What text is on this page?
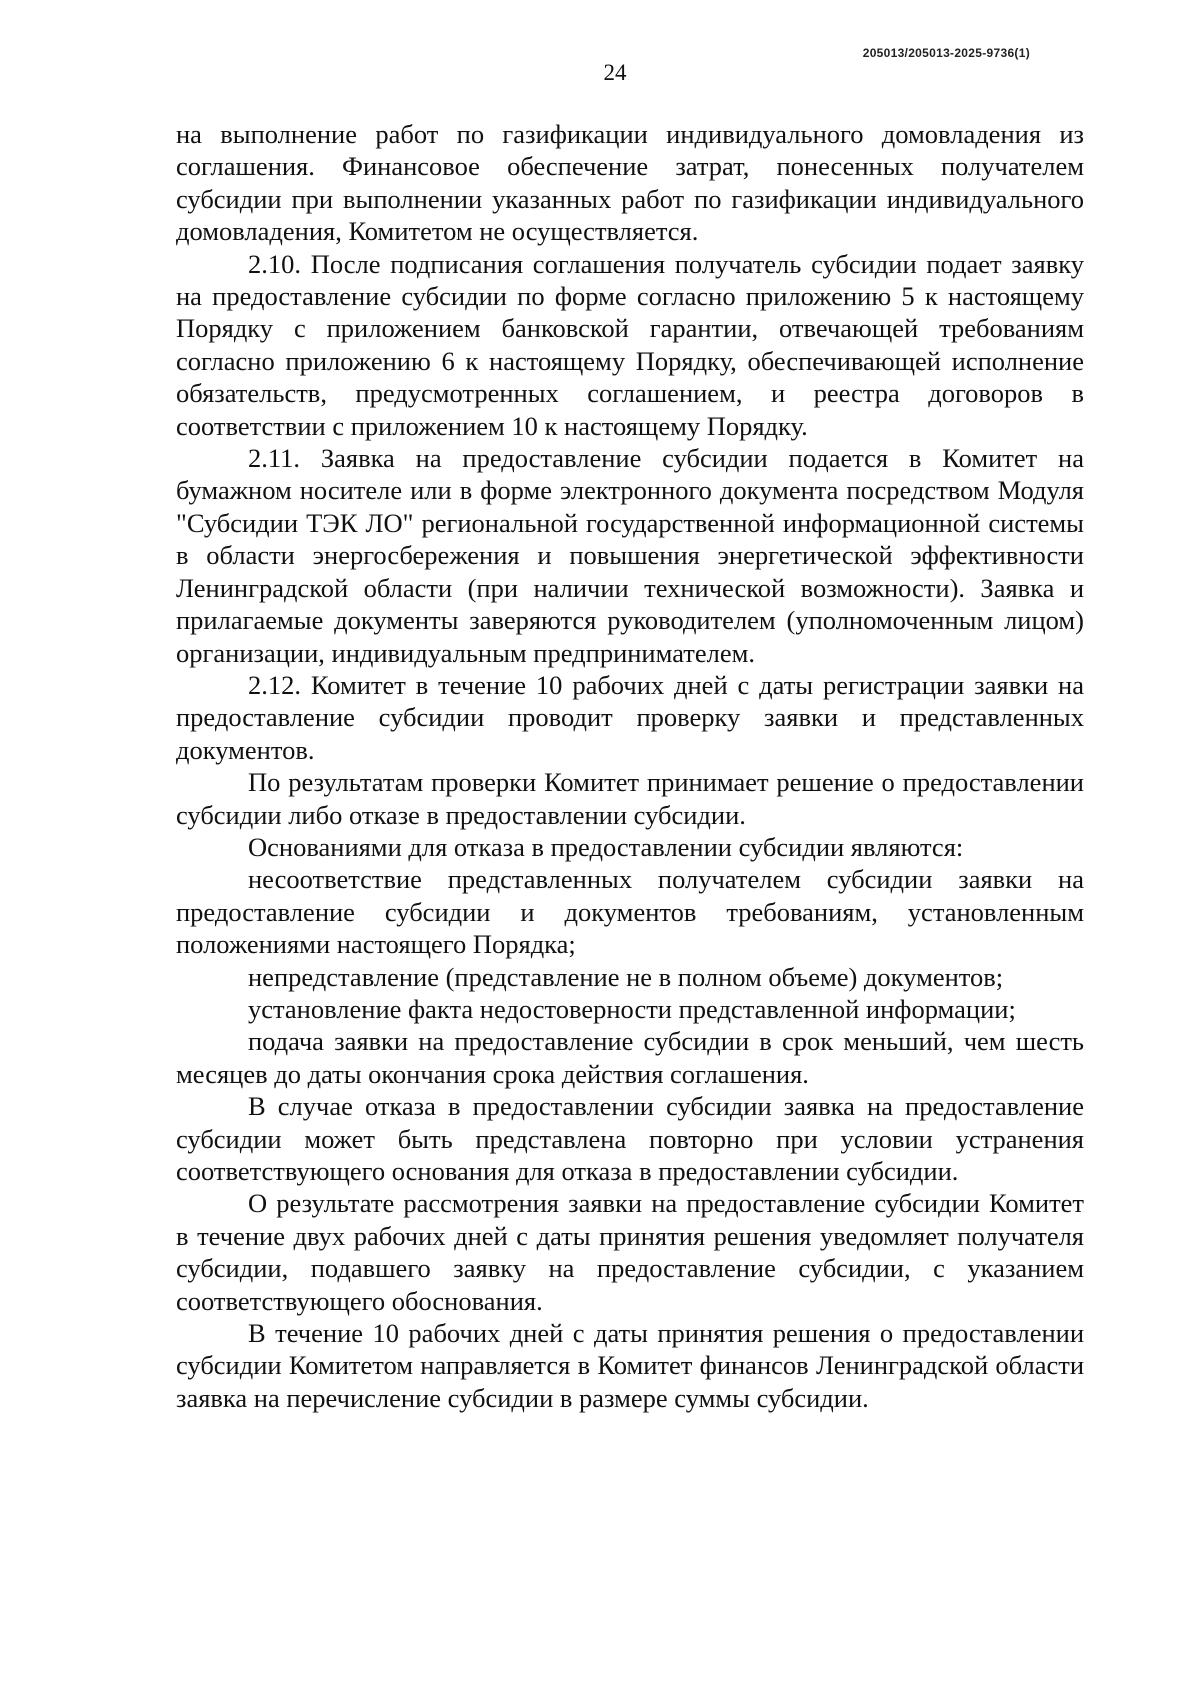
205013/205013-2025-9736(1)
24

на выполнение работ по газификации индивидуального домовладения из соглашения. Финансовое обеспечение затрат, понесенных получателем субсидии при выполнении указанных работ по газификации индивидуального домовладения, Комитетом не осуществляется.

2.10. После подписания соглашения получатель субсидии подает заявку на предоставление субсидии по форме согласно приложению 5 к настоящему Порядку с приложением банковской гарантии, отвечающей требованиям согласно приложению 6 к настоящему Порядку, обеспечивающей исполнение обязательств, предусмотренных соглашением, и реестра договоров в соответствии с приложением 10 к настоящему Порядку.

2.11. Заявка на предоставление субсидии подается в Комитет на бумажном носителе или в форме электронного документа посредством Модуля "Субсидии ТЭК ЛО" региональной государственной информационной системы в области энергосбережения и повышения энергетической эффективности Ленинградской области (при наличии технической возможности). Заявка и прилагаемые документы заверяются руководителем (уполномоченным лицом) организации, индивидуальным предпринимателем.

2.12. Комитет в течение 10 рабочих дней с даты регистрации заявки на предоставление субсидии проводит проверку заявки и представленных документов.

По результатам проверки Комитет принимает решение о предоставлении субсидии либо отказе в предоставлении субсидии.

Основаниями для отказа в предоставлении субсидии являются:

несоответствие представленных получателем субсидии заявки на предоставление субсидии и документов требованиям, установленным положениями настоящего Порядка;

непредставление (представление не в полном объеме) документов;

установление факта недостоверности представленной информации;

подача заявки на предоставление субсидии в срок меньший, чем шесть месяцев до даты окончания срока действия соглашения.

В случае отказа в предоставлении субсидии заявка на предоставление субсидии может быть представлена повторно при условии устранения соответствующего основания для отказа в предоставлении субсидии.

О результате рассмотрения заявки на предоставление субсидии Комитет в течение двух рабочих дней с даты принятия решения уведомляет получателя субсидии, подавшего заявку на предоставление субсидии, с указанием соответствующего обоснования.

В течение 10 рабочих дней с даты принятия решения о предоставлении субсидии Комитетом направляется в Комитет финансов Ленинградской области заявка на перечисление субсидии в размере суммы субсидии.
